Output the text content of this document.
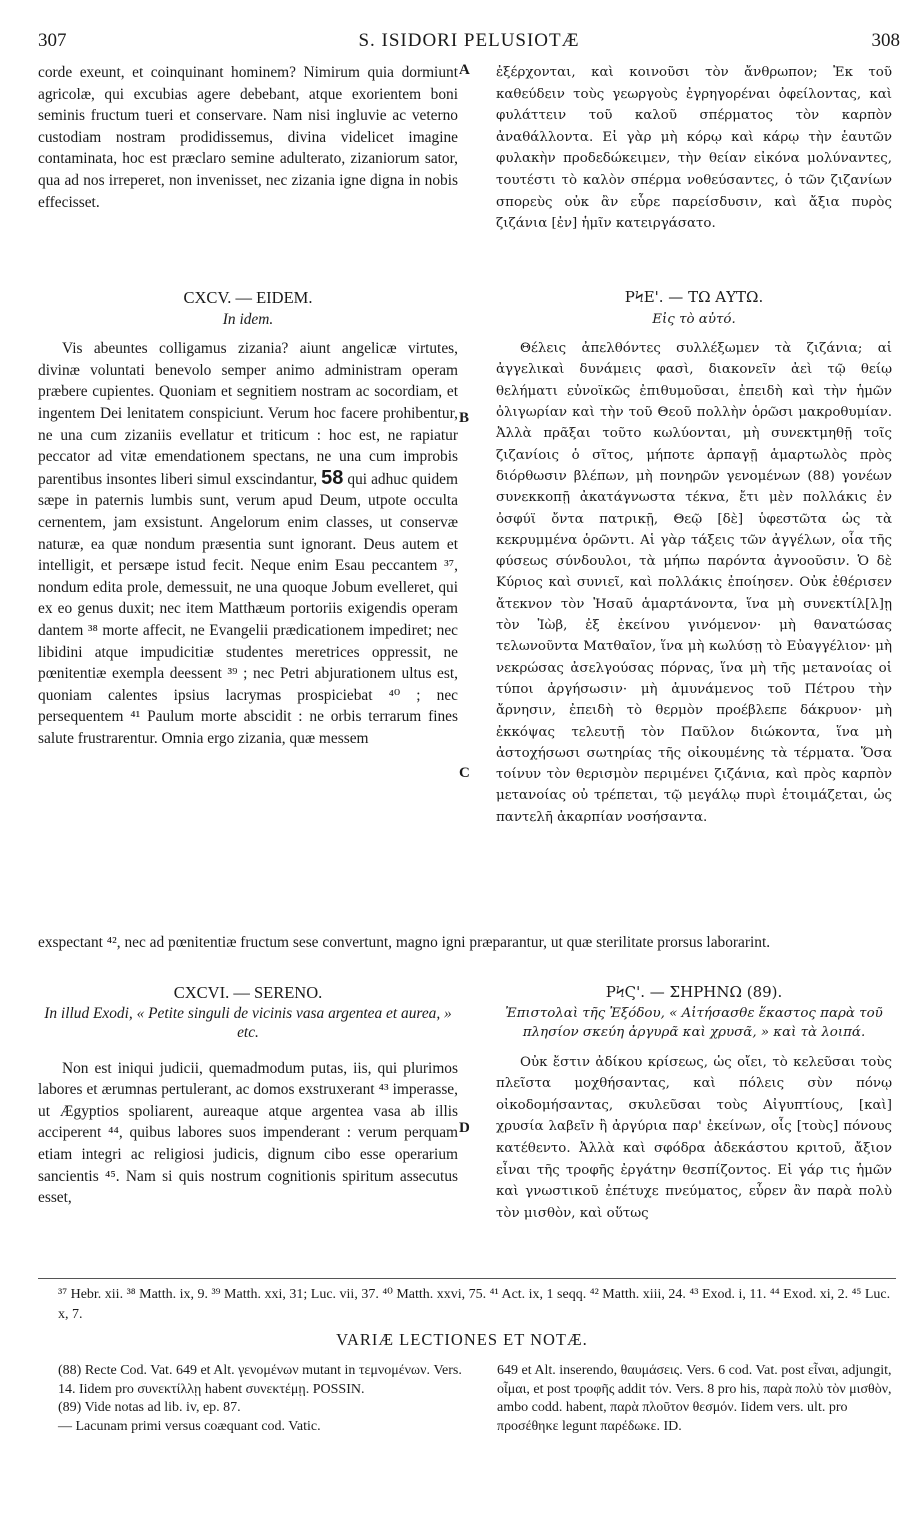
307	S. ISIDORI PELUSIOTÆ	308

corde exeunt, et coinquinant hominem? Nimirum quia dormiunt agricolæ, qui excubias agere debebant, atque exorientem boni seminis fructum tueri et conservare. Nam nisi ingluvie ac veterno custodiam nostram prodidissemus, divina videlicet imagine contaminata, hoc est præclaro semine adulterato, zizaniorum sator, qua ad nos irreperet, non invenisset, nec zizania igne digna in nobis effecisset.

ἐξέρχονται, καὶ κοινοῦσι τὸν ἄνθρωπον; Ἐκ τοῦ καθεύδειν τοὺς γεωργοὺς ἐγρηγορέναι ὀφείλοντας, καὶ φυλάττειν τοῦ καλοῦ σπέρματος τὸν καρπὸν ἀναθάλλοντα. Εἰ γὰρ μὴ κόρῳ καὶ κάρῳ τὴν ἑαυτῶν φυλακὴν προδεδώκειμεν, τὴν θείαν εἰκόνα μολύναντες, τουτέστι τὸ καλὸν σπέρμα νοθεύσαντες, ὁ τῶν ζιζανίων σπορεὺς οὐκ ἂν εὗρε παρείσδυσιν, καὶ ἄξια πυρὸς ζιζάνια [ἐν] ἡμῖν κατειργάσατο.

A
CXCV. — EIDEM.
In idem.

Vis abeuntes colligamus zizania? aiunt angelicæ virtutes, divinæ voluntati benevolo semper animo administram operam præbere cupientes. Quoniam et segnitiem nostram ac socordiam, et ingentem Dei lenitatem conspiciunt. Verum hoc facere prohibentur, ne una cum zizaniis evellatur et triticum : hoc est, ne rapiatur peccator ad vitæ emendationem spectans, ne una cum improbis parentibus insontes liberi simul exscindantur, 58 qui adhuc quidem sæpe in paternis lumbis sunt, verum apud Deum, utpote occulta cernentem, jam exsistunt. Angelorum enim classes, ut conservæ naturæ, ea quæ nondum præsentia sunt ignorant. Deus autem et intelligit, et persæpe istud fecit. Neque enim Esau peccantem ³⁷, nondum edita prole, demessuit, ne una quoque Jobum evelleret, qui ex eo genus duxit; nec item Matthæum portoriis exigendis operam dantem ³⁸ morte affecit, ne Evangelii prædicationem impediret; nec libidini atque impudicitiæ studentes meretrices oppressit, ne pœnitentiæ exempla deessent ³⁹ ; nec Petri abjurationem ultus est, quoniam calentes ipsius lacrymas prospiciebat ⁴⁰ ; nec persequentem ⁴¹ Paulum morte abscidit : ne orbis terrarum fines salute frustrarentur. Omnia ergo zizania, quæ messem

ΡϞΕ'. — ΤΩ ΑΥΤΩ.
Εἰς τὸ αὐτό.

Θέλεις ἀπελθόντες συλλέξωμεν τὰ ζιζάνια; αἱ ἀγγελικαὶ δυνάμεις φασὶ, διακονεῖν ἀεὶ τῷ θείῳ θελήματι εὐνοϊκῶς ἐπιθυμοῦσαι, ἐπειδὴ καὶ τὴν ἡμῶν ὀλιγωρίαν καὶ τὴν τοῦ Θεοῦ πολλὴν ὁρῶσι μακροθυμίαν. Ἀλλὰ πρᾶξαι τοῦτο κωλύονται, μὴ συνεκτμηθῇ τοῖς ζιζανίοις ὁ σῖτος, μήποτε ἁρπαγῇ ἁμαρτωλὸς πρὸς διόρθωσιν βλέπων, μὴ πονηρῶν γενομένων (88) γονέων συνεκκοπῇ ἀκατάγνωστα τέκνα, ἔτι μὲν πολλάκις ἐν ὀσφύϊ ὄντα πατρικῇ, Θεῷ [δὲ] ὑφεστῶτα ὡς τὰ κεκρυμμένα ὁρῶντι. Αἱ γὰρ τάξεις τῶν ἀγγέλων, οἷα τῆς φύσεως σύνδουλοι, τὰ μήπω παρόντα ἀγνοοῦσιν. Ὁ δὲ Κύριος καὶ συνιεῖ, καὶ πολλάκις ἐποίησεν. Οὐκ ἐθέρισεν ἄτεκνον τὸν Ἠσαῦ ἁμαρτάνοντα, ἵνα μὴ συνεκτίλ[λ]ῃ τὸν Ἰὼβ, ἐξ ἐκείνου γινόμενον· μὴ θανατώσας τελωνοῦντα Ματθαῖον, ἵνα μὴ κωλύσῃ τὸ Εὐαγγέλιον· μὴ νεκρώσας ἀσελγούσας πόρνας, ἵνα μὴ τῆς μετανοίας οἱ τύποι ἀργήσωσιν· μὴ ἀμυνάμενος τοῦ Πέτρου τὴν ἄρνησιν, ἐπειδὴ τὸ θερμὸν προέβλεπε δάκρυον· μὴ ἐκκόψας τελευτῇ τὸν Παῦλον διώκοντα, ἵνα μὴ ἀστοχήσωσι σωτηρίας τῆς οἰκουμένης τὰ τέρματα. Ὅσα τοίνυν τὸν θερισμὸν περιμένει ζιζάνια, καὶ πρὸς καρπὸν μετανοίας οὐ τρέπεται, τῷ μεγάλῳ πυρὶ ἑτοιμάζεται, ὡς παντελῆ ἀκαρπίαν νοσήσαντα.

B
C
exspectant ⁴², nec ad pœnitentiæ fructum sese convertunt, magno igni præparantur, ut quæ sterilitate prorsus laborarint.
CXCVI. — SERENO.
In illud Exodi, « Petite singuli de vicinis vasa argentea et aurea, » etc.

Non est iniqui judicii, quemadmodum putas, iis, qui plurimos labores et ærumnas pertulerant, ac domos exstruxerant ⁴³ imperasse, ut Ægyptios spoliarent, aureaque atque argentea vasa ab illis acciperent ⁴⁴, quibus labores suos impenderant : verum perquam etiam integri ac religiosi judicis, dignum cibo esse operarium sancientis ⁴⁵. Nam si quis nostrum cognitionis spiritum assecutus esset,

ΡϞϚ'. — ΣΗΡΗΝΩ (89).
Ἐπιστολαὶ τῆς Ἐξόδου, « Αἰτήσασθε ἕκαστος παρὰ τοῦ πλησίον σκεύη ἀργυρᾶ καὶ χρυσᾶ, » καὶ τὰ λοιπά.

Οὐκ ἔστιν ἀδίκου κρίσεως, ὡς οἴει, τὸ κελεῦσαι τοὺς πλεῖστα μοχθήσαντας, καὶ πόλεις σὺν πόνῳ οἰκοδομήσαντας, σκυλεῦσαι τοὺς Αἰγυπτίους, [καὶ] χρυσία λαβεῖν ἢ ἀργύρια παρ' ἐκείνων, οἷς [τοὺς] πόνους κατέθεντο. Ἀλλὰ καὶ σφόδρα ἀδεκάστου κριτοῦ, ἄξιον εἶναι τῆς τροφῆς ἐργάτην θεσπίζοντος. Εἰ γάρ τις ἡμῶν καὶ γνωστικοῦ ἐπέτυχε πνεύματος, εὗρεν ἂν παρὰ πολὺ τὸν μισθὸν, καὶ οὕτως

D
³⁷ Hebr. xii. ³⁸ Matth. ix, 9. ³⁹ Matth. xxi, 31; Luc. vii, 37. ⁴⁰ Matth. xxvi, 75. ⁴¹ Act. ix, 1 seqq. ⁴² Matth. xiii, 24. ⁴³ Exod. i, 11. ⁴⁴ Exod. xi, 2. ⁴⁵ Luc. x, 7.
VARIÆ LECTIONES ET NOTÆ.

(88) Recte Cod. Vat. 649 et Alt. γενομένων mutant in τεμνομένων. Vers. 14. Iidem pro συνεκτίλλῃ habent συνεκτέμῃ. POSSIN.

(89) Vide notas ad lib. iv, ep. 87.

— Lacunam primi versus coæquant cod. Vatic.

649 et Alt. inserendo, θαυμάσεις. Vers. 6 cod. Vat. post εἶναι, adjungit, οἶμαι, et post τροφῆς addit τόν. Vers. 8 pro his, παρὰ πολὺ τὸν μισθὸν, ambo codd. habent, παρὰ πλοῦτον θεσμόν. Iidem vers. ult. pro προσέθηκε legunt παρέδωκε. ID.
